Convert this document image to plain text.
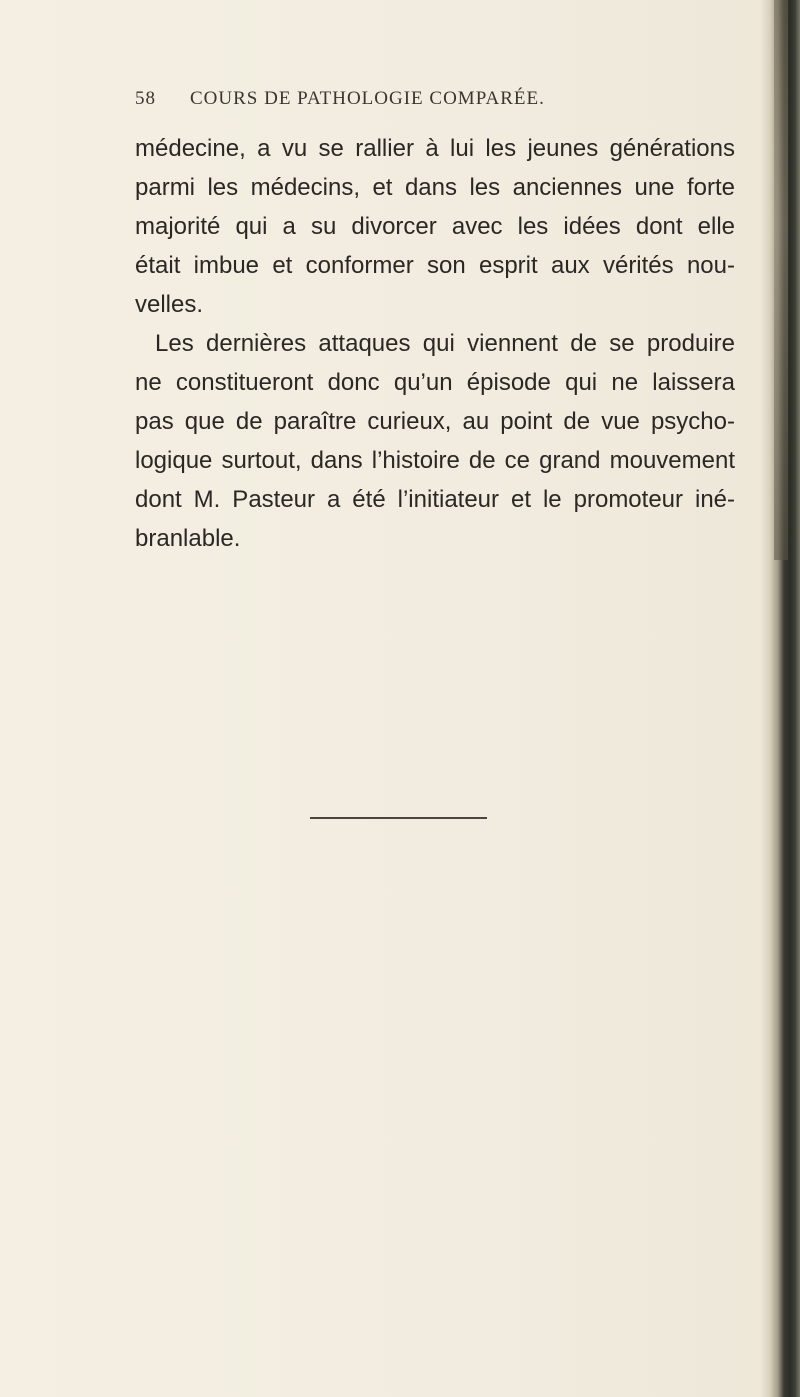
58 COURS DE PATHOLOGIE COMPARÉE.

médecine, a vu se rallier à lui les jeunes générations

parmi les médecins, et dans les anciennes une forte

majorité qui a su divorcer avec les idées dont elle

était imbue et conformer son esprit aux vérités nou-

velles.

Les dernières attaques qui viennent de se produire

ne constitueront donc qu’un épisode qui ne laissera

pas que de paraître curieux, au point de vue psycho-

logique surtout, dans l’histoire de ce grand mouvement

dont M. Pasteur a été l’initiateur et le promoteur iné-

branlable.
